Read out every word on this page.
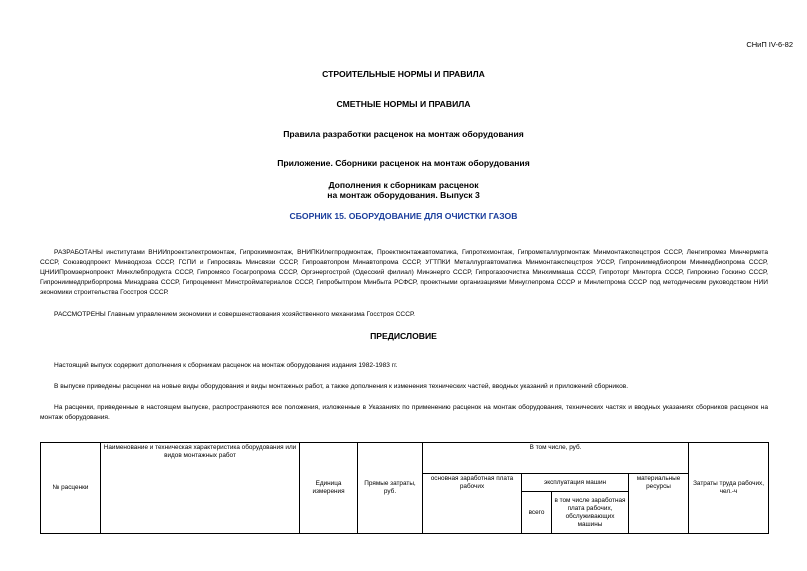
СНиП IV-6-82
СТРОИТЕЛЬНЫЕ НОРМЫ И ПРАВИЛА
СМЕТНЫЕ НОРМЫ И ПРАВИЛА
Правила разработки расценок на монтаж оборудования
Приложение. Сборники расценок на монтаж оборудования
Дополнения к сборникам расценок
на монтаж оборудования. Выпуск 3
СБОРНИК 15. ОБОРУДОВАНИЕ ДЛЯ ОЧИСТКИ ГАЗОВ
РАЗРАБОТАНЫ институтами ВНИИпроектэлектромонтаж, Гипрохиммонтаж, ВНИПКИлегпродмонтаж, Проектмонтажавтоматика, Гипротехмонтаж, Гипрометаллургмонтаж Минмонтажспецстроя СССР, Ленгипромез Минчермета СССР, Союзводпроект Минводхоза СССР, ГСПИ и Гипросвязь Минсвязи СССР, Гипроавтопром Минавтопрома СССР, УГТПКИ Металлургавтоматика Минмонтажспецстроя УССР, Гипрониимедбиопром Минмедбиопрома СССР, ЦНИИПромзернопроект Минхлебпродукта СССР, Гипромясо Госагропрома СССР, Оргэнергострой (Одесский филиал) Минэнерго СССР, Гипрогазоочистка Минхиммаша СССР, Гипроторг Минторга СССР, Гипрокино Госкино СССР, Гипрониимедприборпрома Минздрава СССР, Гипроцемент Минстройматериалов СССР, Гипробытпром Минбыта РСФСР, проектными организациями Минуглепрома СССР и Минлегпрома СССР под методическим руководством НИИ экономики строительства Госстроя СССР.
РАССМОТРЕНЫ Главным управлением экономики и совершенствования хозяйственного механизма Госстроя СССР.
ПРЕДИСЛОВИЕ
Настоящий выпуск содержит дополнения к сборникам расценок на монтаж оборудования издания 1982-1983 гг.
В выпуске приведены расценки на новые виды оборудования и виды монтажных работ, а также дополнения к изменения технических частей, вводных указаний и приложений сборников.
На расценки, приведенные в настоящем выпуске, распространяются все положения, изложенные в Указаниях по применению расценок на монтаж оборудования, технических частях и вводных указаниях сборников расценок на монтаж оборудования.
№ расценки	Наименование и техническая характеристика оборудования или видов монтажных работ	Единица измерения	Прямые затраты, руб.	В том числе, руб.				Затраты труда рабочих, чел.-ч
				основная заработная плата рабочих	эксплуатация машин		материальные ресурсы	
					всего	в том числе заработная плата рабочих, обслуживающих машины		
